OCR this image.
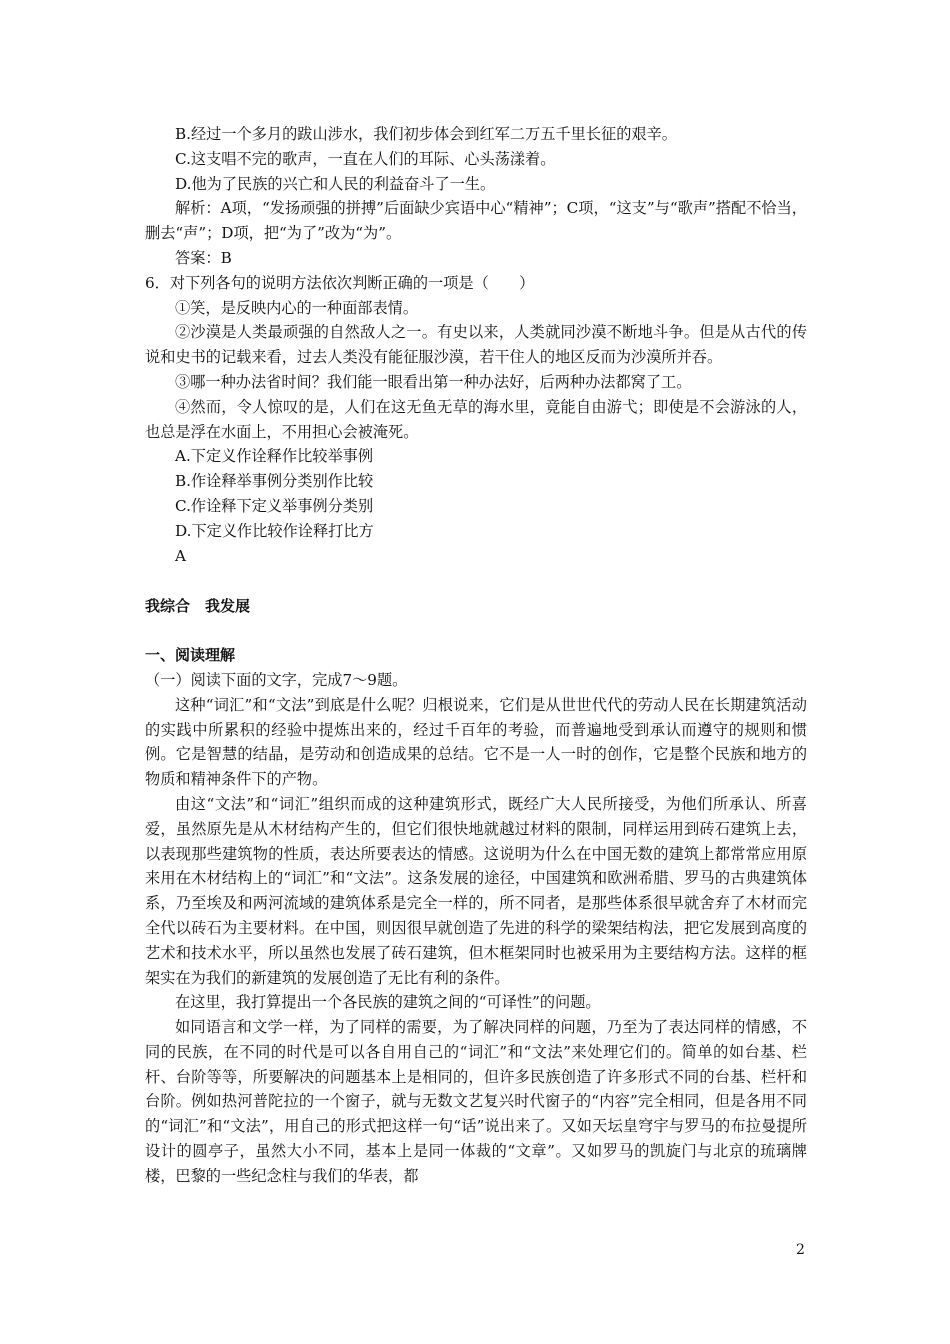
B.经过一个多月的跋山涉水，我们初步体会到红军二万五千里长征的艰辛。

C.这支唱不完的歌声，一直在人们的耳际、心头荡漾着。

D.他为了民族的兴亡和人民的利益奋斗了一生。

解析：A项，“发扬顽强的拼搏”后面缺少宾语中心“精神”；C项，“这支”与“歌声”搭配不恰当，删去“声”；D项，把“为了”改为“为”。

答案：B

6．对下列各句的说明方法依次判断正确的一项是（　　）

①笑，是反映内心的一种面部表情。

②沙漠是人类最顽强的自然敌人之一。有史以来，人类就同沙漠不断地斗争。但是从古代的传说和史书的记载来看，过去人类没有能征服沙漠，若干住人的地区反而为沙漠所并吞。

③哪一种办法省时间？我们能一眼看出第一种办法好，后两种办法都窝了工。

④然而，令人惊叹的是，人们在这无鱼无草的海水里，竟能自由游弋；即使是不会游泳的人，也总是浮在水面上，不用担心会被淹死。

A.下定义作诠释作比较举事例

B.作诠释举事例分类别作比较

C.作诠释下定义举事例分类别

D.下定义作比较作诠释打比方

A

我综合　我发展

一、阅读理解

（一）阅读下面的文字，完成7～9题。

这种“词汇”和“文法”到底是什么呢？归根说来，它们是从世世代代的劳动人民在长期建筑活动的实践中所累积的经验中提炼出来的，经过千百年的考验，而普遍地受到承认而遵守的规则和惯例。它是智慧的结晶，是劳动和创造成果的总结。它不是一人一时的创作，它是整个民族和地方的物质和精神条件下的产物。

由这“文法”和“词汇”组织而成的这种建筑形式，既经广大人民所接受，为他们所承认、所喜爱，虽然原先是从木材结构产生的，但它们很快地就越过材料的限制，同样运用到砖石建筑上去，以表现那些建筑物的性质，表达所要表达的情感。这说明为什么在中国无数的建筑上都常常应用原来用在木材结构上的“词汇”和“文法”。这条发展的途径，中国建筑和欧洲希腊、罗马的古典建筑体系，乃至埃及和两河流域的建筑体系是完全一样的，所不同者，是那些体系很早就舍弃了木材而完全代以砖石为主要材料。在中国，则因很早就创造了先进的科学的梁架结构法，把它发展到高度的艺术和技术水平，所以虽然也发展了砖石建筑，但木框架同时也被采用为主要结构方法。这样的框架实在为我们的新建筑的发展创造了无比有利的条件。

在这里，我打算提出一个各民族的建筑之间的“可译性”的问题。

如同语言和文学一样，为了同样的需要，为了解决同样的问题，乃至为了表达同样的情感，不同的民族，在不同的时代是可以各自用自己的“词汇”和“文法”来处理它们的。简单的如台基、栏杆、台阶等等，所要解决的问题基本上是相同的，但许多民族创造了许多形式不同的台基、栏杆和台阶。例如热河普陀拉的一个窗子，就与无数文艺复兴时代窗子的“内容”完全相同，但是各用不同的“词汇”和“文法”，用自己的形式把这样一句“话”说出来了。又如天坛皇穹宇与罗马的布拉曼提所设计的圆亭子，虽然大小不同，基本上是同一体裁的“文章”。又如罗马的凯旋门与北京的琉璃牌楼，巴黎的一些纪念柱与我们的华表，都

2
